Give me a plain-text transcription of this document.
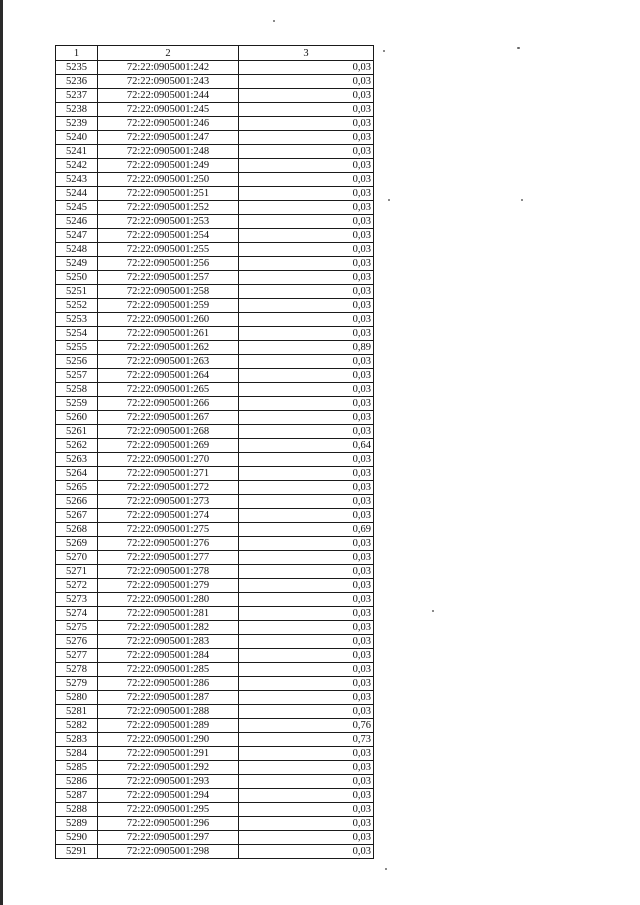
1	2	3
5235	72:22:0905001:242	0,03
5236	72:22:0905001:243	0,03
5237	72:22:0905001:244	0,03
5238	72:22:0905001:245	0,03
5239	72:22:0905001:246	0,03
5240	72:22:0905001:247	0,03
5241	72:22:0905001:248	0,03
5242	72:22:0905001:249	0,03
5243	72:22:0905001:250	0,03
5244	72:22:0905001:251	0,03
5245	72:22:0905001:252	0,03
5246	72:22:0905001:253	0,03
5247	72:22:0905001:254	0,03
5248	72:22:0905001:255	0,03
5249	72:22:0905001:256	0,03
5250	72:22:0905001:257	0,03
5251	72:22:0905001:258	0,03
5252	72:22:0905001:259	0,03
5253	72:22:0905001:260	0,03
5254	72:22:0905001:261	0,03
5255	72:22:0905001:262	0,89
5256	72:22:0905001:263	0,03
5257	72:22:0905001:264	0,03
5258	72:22:0905001:265	0,03
5259	72:22:0905001:266	0,03
5260	72:22:0905001:267	0,03
5261	72:22:0905001:268	0,03
5262	72:22:0905001:269	0,64
5263	72:22:0905001:270	0,03
5264	72:22:0905001:271	0,03
5265	72:22:0905001:272	0,03
5266	72:22:0905001:273	0,03
5267	72:22:0905001:274	0,03
5268	72:22:0905001:275	0,69
5269	72:22:0905001:276	0,03
5270	72:22:0905001:277	0,03
5271	72:22:0905001:278	0,03
5272	72:22:0905001:279	0,03
5273	72:22:0905001:280	0,03
5274	72:22:0905001:281	0,03
5275	72:22:0905001:282	0,03
5276	72:22:0905001:283	0,03
5277	72:22:0905001:284	0,03
5278	72:22:0905001:285	0,03
5279	72:22:0905001:286	0,03
5280	72:22:0905001:287	0,03
5281	72:22:0905001:288	0,03
5282	72:22:0905001:289	0,76
5283	72:22:0905001:290	0,73
5284	72:22:0905001:291	0,03
5285	72:22:0905001:292	0,03
5286	72:22:0905001:293	0,03
5287	72:22:0905001:294	0,03
5288	72:22:0905001:295	0,03
5289	72:22:0905001:296	0,03
5290	72:22:0905001:297	0,03
5291	72:22:0905001:298	0,03
